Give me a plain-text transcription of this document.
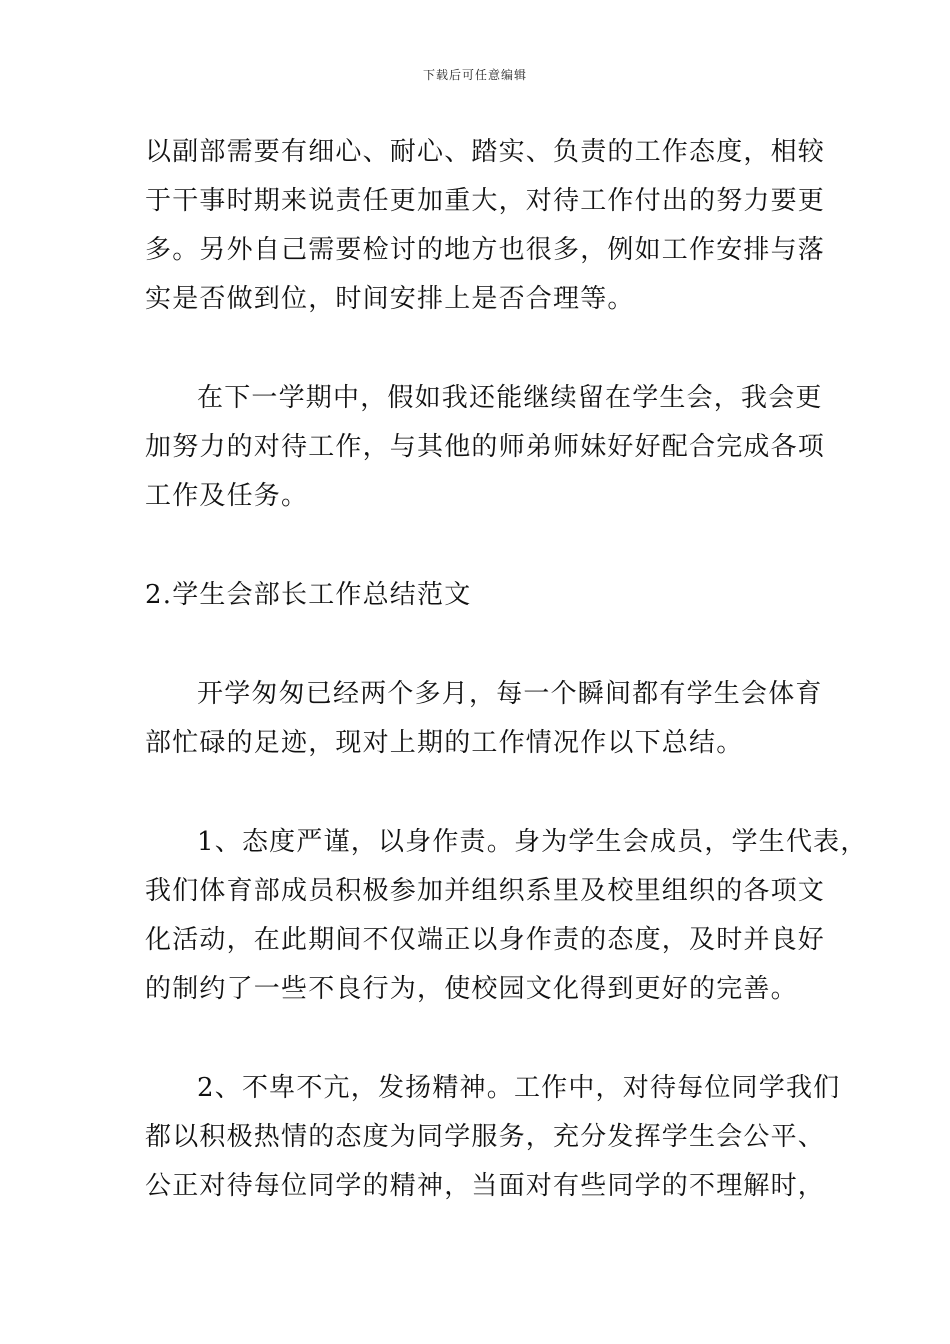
下载后可任意编辑
以副部需要有细心、耐心、踏实、负责的工作态度，相较
于干事时期来说责任更加重大，对待工作付出的努力要更
多。另外自己需要检讨的地方也很多，例如工作安排与落
实是否做到位，时间安排上是否合理等。
在下一学期中，假如我还能继续留在学生会，我会更
加努力的对待工作，与其他的师弟师妹好好配合完成各项
工作及任务。
2.学生会部长工作总结范文
开学匆匆已经两个多月，每一个瞬间都有学生会体育
部忙碌的足迹，现对上期的工作情况作以下总结。
1、态度严谨，以身作责。身为学生会成员，学生代表，
我们体育部成员积极参加并组织系里及校里组织的各项文
化活动，在此期间不仅端正以身作责的态度，及时并良好
的制约了一些不良行为，使校园文化得到更好的完善。
2、不卑不亢，发扬精神。工作中，对待每位同学我们
都以积极热情的态度为同学服务，充分发挥学生会公平、
公正对待每位同学的精神，当面对有些同学的不理解时，
